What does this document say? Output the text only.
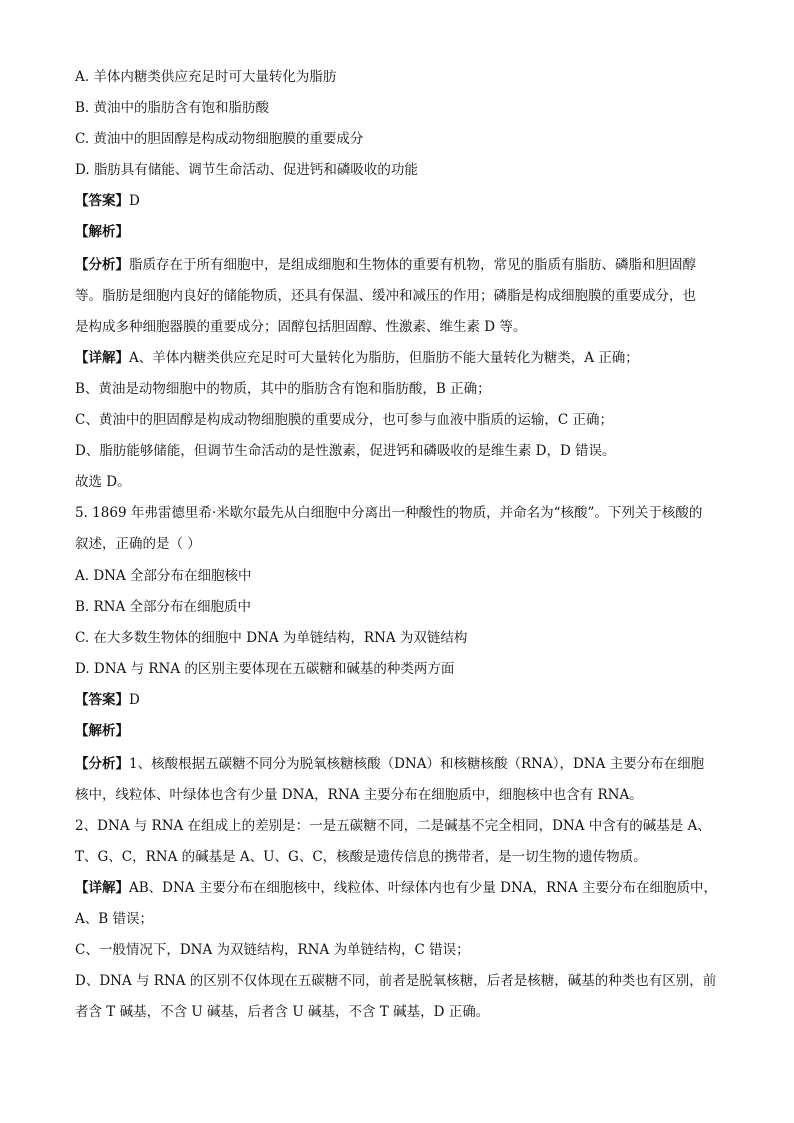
A. 羊体内糖类供应充足时可大量转化为脂肪
B. 黄油中的脂肪含有饱和脂肪酸
C. 黄油中的胆固醇是构成动物细胞膜的重要成分
D. 脂肪具有储能、调节生命活动、促进钙和磷吸收的功能
【答案】D
【解析】
【分析】脂质存在于所有细胞中，是组成细胞和生物体的重要有机物，常见的脂质有脂肪、磷脂和胆固醇
等。脂肪是细胞内良好的储能物质，还具有保温、缓冲和减压的作用；磷脂是构成细胞膜的重要成分，也
是构成多种细胞器膜的重要成分；固醇包括胆固醇、性激素、维生素 D 等。
【详解】A、羊体内糖类供应充足时可大量转化为脂肪，但脂肪不能大量转化为糖类，A 正确；
B、黄油是动物细胞中的物质，其中的脂肪含有饱和脂肪酸，B 正确；
C、黄油中的胆固醇是构成动物细胞膜的重要成分，也可参与血液中脂质的运输，C 正确；
D、脂肪能够储能，但调节生命活动的是性激素，促进钙和磷吸收的是维生素 D，D 错误。
故选 D。
5. 1869 年弗雷德里希·米歇尔最先从白细胞中分离出一种酸性的物质，并命名为“核酸”。下列关于核酸的
叙述，正确的是（ ）
A. DNA 全部分布在细胞核中
B. RNA 全部分布在细胞质中
C. 在大多数生物体的细胞中 DNA 为单链结构，RNA 为双链结构
D. DNA 与 RNA 的区别主要体现在五碳糖和碱基的种类两方面
【答案】D
【解析】
【分析】1、核酸根据五碳糖不同分为脱氧核糖核酸（DNA）和核糖核酸（RNA），DNA 主要分布在细胞
核中，线粒体、叶绿体也含有少量 DNA，RNA 主要分布在细胞质中，细胞核中也含有 RNA。
2、DNA 与 RNA 在组成上的差别是：一是五碳糖不同，二是碱基不完全相同，DNA 中含有的碱基是 A、
T、G、C，RNA 的碱基是 A、U、G、C，核酸是遗传信息的携带者，是一切生物的遗传物质。
【详解】AB、DNA 主要分布在细胞核中，线粒体、叶绿体内也有少量 DNA，RNA 主要分布在细胞质中，
A、B 错误；
C、一般情况下，DNA 为双链结构，RNA 为单链结构，C 错误；
D、DNA 与 RNA 的区别不仅体现在五碳糖不同，前者是脱氧核糖，后者是核糖，碱基的种类也有区别，前
者含 T 碱基，不含 U 碱基，后者含 U 碱基，不含 T 碱基，D 正确。
